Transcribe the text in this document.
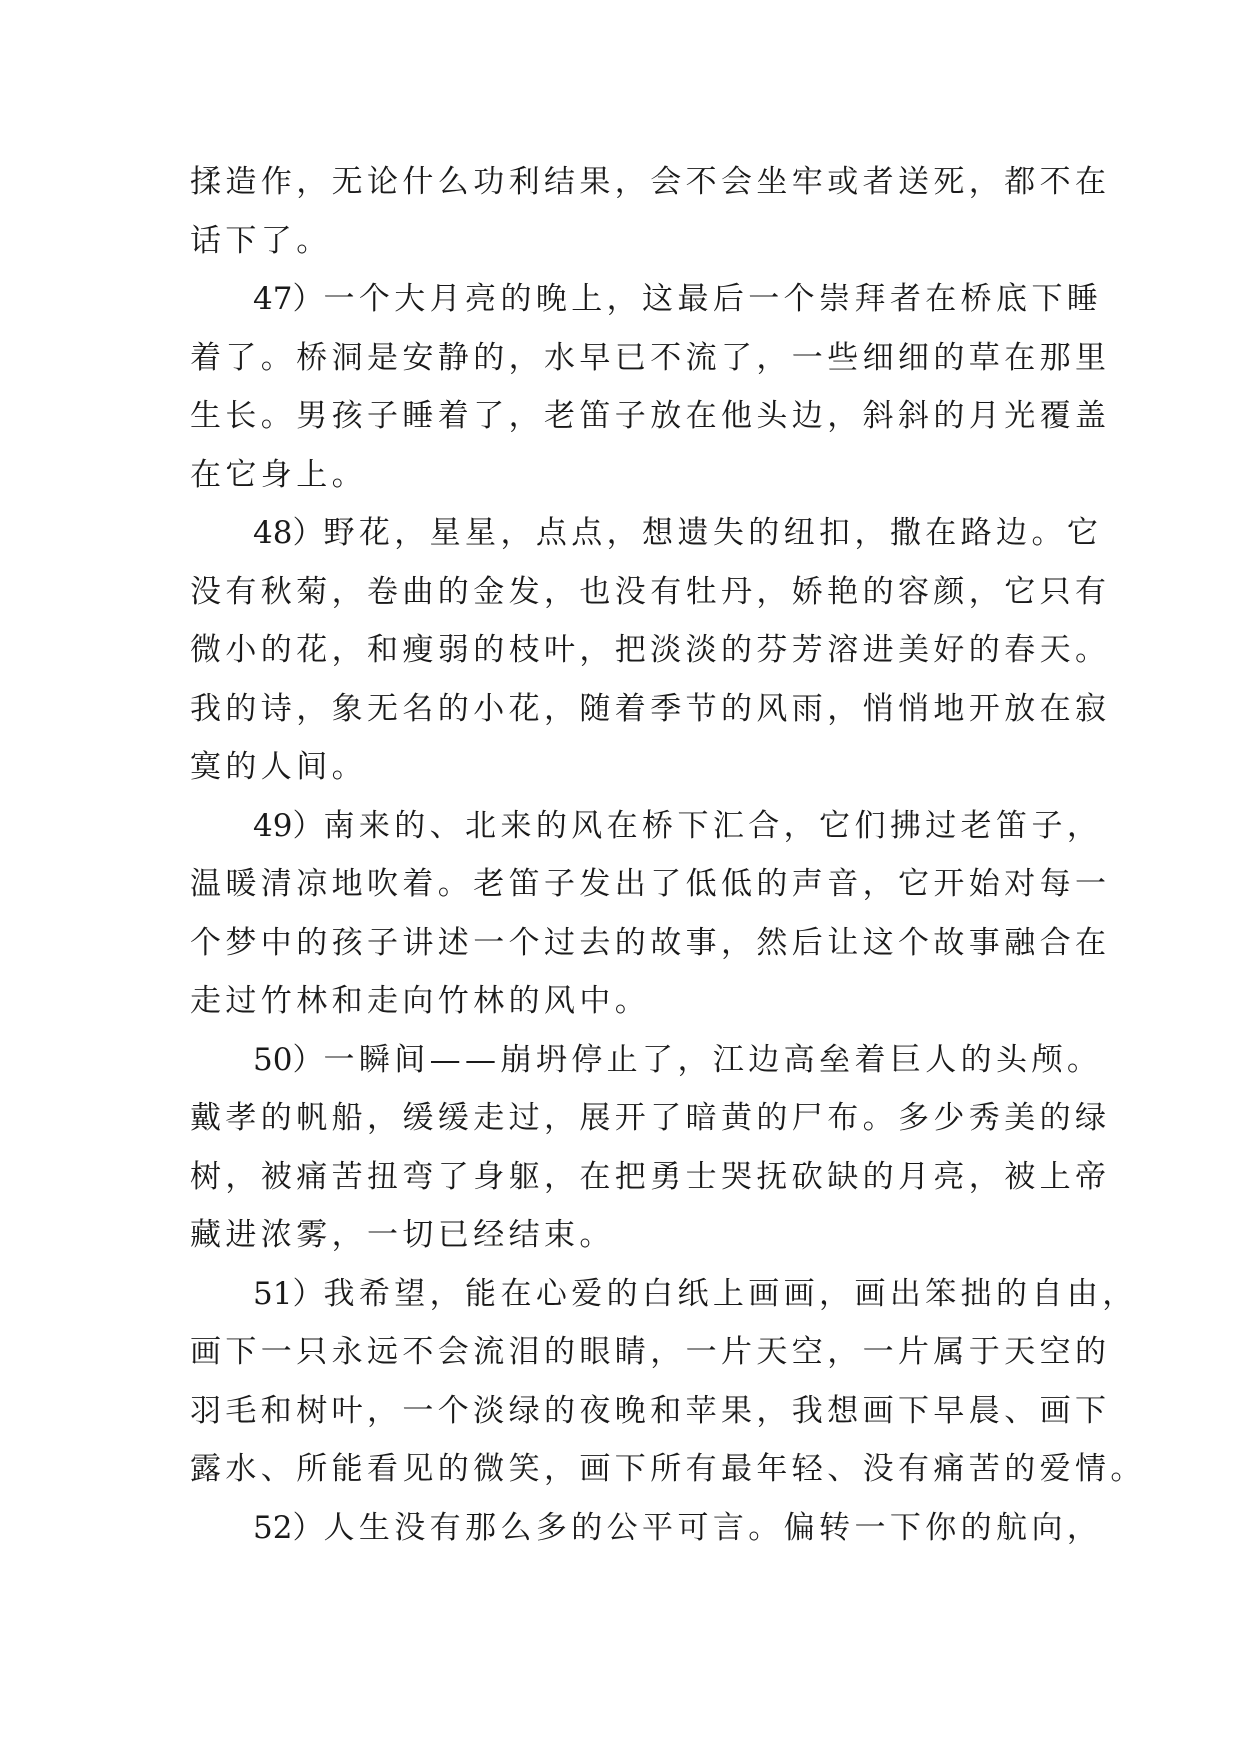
揉造作，无论什么功利结果，会不会坐牢或者送死，都不在
话下了。
47）一个大月亮的晚上，这最后一个崇拜者在桥底下睡
着了。桥洞是安静的，水早已不流了，一些细细的草在那里
生长。男孩子睡着了，老笛子放在他头边，斜斜的月光覆盖
在它身上。
48）野花，星星，点点，想遗失的纽扣，撒在路边。它
没有秋菊，卷曲的金发，也没有牡丹，娇艳的容颜，它只有
微小的花，和瘦弱的枝叶，把淡淡的芬芳溶进美好的春天。
我的诗，象无名的小花，随着季节的风雨，悄悄地开放在寂
寞的人间。
49）南来的、北来的风在桥下汇合，它们拂过老笛子，
温暖清凉地吹着。老笛子发出了低低的声音，它开始对每一
个梦中的孩子讲述一个过去的故事，然后让这个故事融合在
走过竹林和走向竹林的风中。
50）一瞬间——崩坍停止了，江边高垒着巨人的头颅。
戴孝的帆船，缓缓走过，展开了暗黄的尸布。多少秀美的绿
树，被痛苦扭弯了身躯，在把勇士哭抚砍缺的月亮，被上帝
藏进浓雾，一切已经结束。
51）我希望，能在心爱的白纸上画画，画出笨拙的自由，
画下一只永远不会流泪的眼睛，一片天空，一片属于天空的
羽毛和树叶，一个淡绿的夜晚和苹果，我想画下早晨、画下
露水、所能看见的微笑，画下所有最年轻、没有痛苦的爱情。
52）人生没有那么多的公平可言。偏转一下你的航向，
